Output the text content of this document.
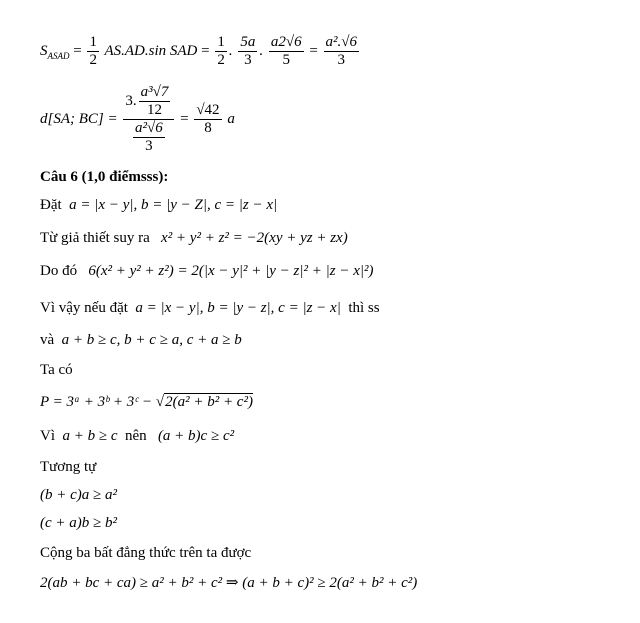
$S_{ASAD} = \frac{1}{2} AS.AD.\sin$ SAD = $\frac{1}{2}$ . $\frac{5a}{3}$ . $\frac{a2√6}{5} = \frac{\text{a².√6}}{3}$
d[SA; $BC] = \frac{3. \frac{\text{a³√7}}{12}}{\frac{\text{a²√6}}{3}} = \frac{√42}{8}$ a
Câu 6 (1,0 điểmsss):
Đặt a = |x − y|, b = |y − Z|, c = |z − x|
Từ giả thiết suy ra x² + y² + z² = −2(xy + yz + zx)
Do đó 6(x² + y² + z²) = 2(|x − y|² + |y − z|² + |z − x|²)
Vì vậy nếu đặt a = |x − y|, b = |y − z|, c = |z − x| thì ss
và a + b ≥ c, b + c ≥ a, c + a ≥ b
Ta có
P = 3ᵃ + 3ᵇ + 3ᶜ − √2(a² + b² + c²)
Vì a + b ≥ c nên (a + b)c ≥ c²
Tương tự
(b + c)a ≥ a²
(c + a)b ≥ b²
Cộng ba bất đẳng thức trên ta được
2(ab + bc + ca) ≥ a² + b² + c² ⇒ (a + b + c)² ≥ 2(a² + b² + c²)
